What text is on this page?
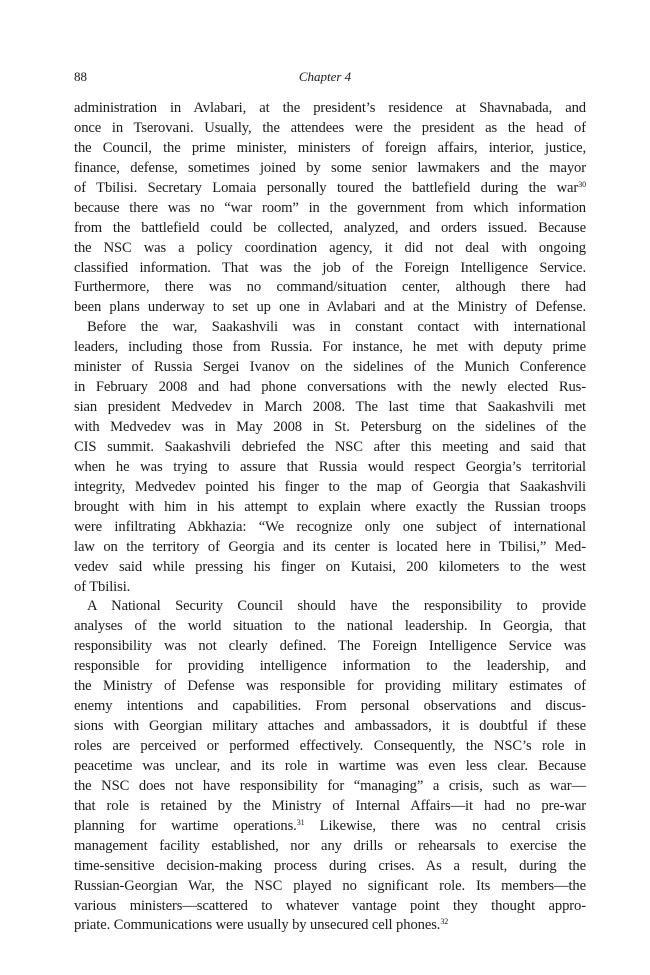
88	Chapter 4
administration in Avlabari, at the president’s residence at Shavnabada, and
once in Tserovani. Usually, the attendees were the president as the head of
the Council, the prime minister, ministers of foreign affairs, interior, justice,
finance, defense, sometimes joined by some senior lawmakers and the mayor
of Tbilisi. Secretary Lomaia personally toured the battlefield during the war$^{30}$
because there was no “war room” in the government from which information
from the battlefield could be collected, analyzed, and orders issued. Because
the NSC was a policy coordination agency, it did not deal with ongoing
classified information. That was the job of the Foreign Intelligence Service.
Furthermore, there was no command/situation center, although there had
been plans underway to set up one in Avlabari and at the Ministry of Defense.
Before the war, Saakashvili was in constant contact with international
leaders, including those from Russia. For instance, he met with deputy prime
minister of Russia Sergei Ivanov on the sidelines of the Munich Conference
in February 2008 and had phone conversations with the newly elected Rus-
sian president Medvedev in March 2008. The last time that Saakashvili met
with Medvedev was in May 2008 in St. Petersburg on the sidelines of the
CIS summit. Saakashvili debriefed the NSC after this meeting and said that
when he was trying to assure that Russia would respect Georgia’s territorial
integrity, Medvedev pointed his finger to the map of Georgia that Saakashvili
brought with him in his attempt to explain where exactly the Russian troops
were infiltrating Abkhazia: “We recognize only one subject of international
law on the territory of Georgia and its center is located here in Tbilisi,” Med-
vedev said while pressing his finger on Kutaisi, 200 kilometers to the west
of Tbilisi.
A National Security Council should have the responsibility to provide
analyses of the world situation to the national leadership. In Georgia, that
responsibility was not clearly defined. The Foreign Intelligence Service was
responsible for providing intelligence information to the leadership, and
the Ministry of Defense was responsible for providing military estimates of
enemy intentions and capabilities. From personal observations and discus-
sions with Georgian military attaches and ambassadors, it is doubtful if these
roles are perceived or performed effectively. Consequently, the NSC’s role in
peacetime was unclear, and its role in wartime was even less clear. Because
the NSC does not have responsibility for “managing” a crisis, such as war—
that role is retained by the Ministry of Internal Affairs—it had no pre-war
planning for wartime operations.$^{31}$ Likewise, there was no central crisis
management facility established, nor any drills or rehearsals to exercise the
time-sensitive decision-making process during crises. As a result, during the
Russian-Georgian War, the NSC played no significant role. Its members—the
various ministers—scattered to whatever vantage point they thought appro-
priate. Communications were usually by unsecured cell phones.$^{32}$
